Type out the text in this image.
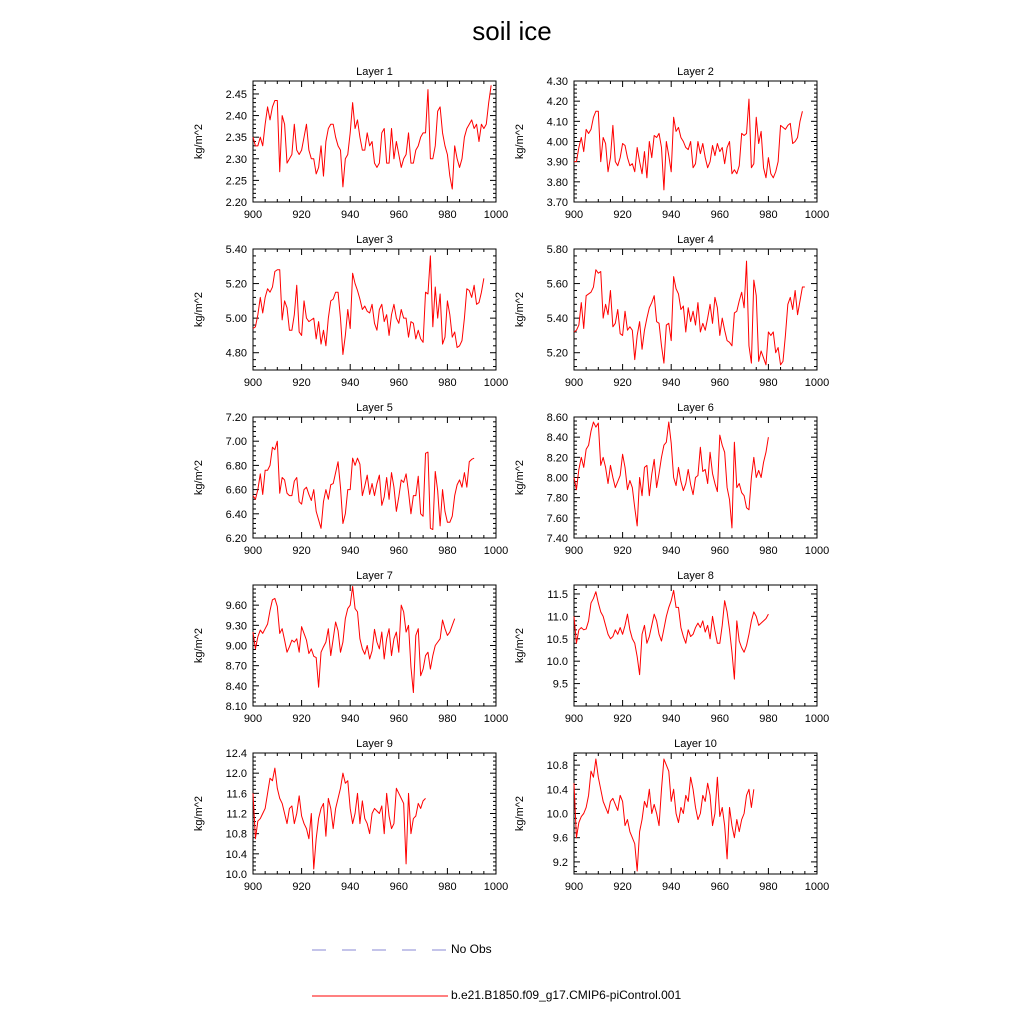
soil ice
Layer 1
900	920	940	960	980 1000
2.20
2.25
2.30
2.35
2.40
2.45
kg/m^2
Layer 2
900	920	940	960	980 1000
3.70
3.80
3.90
4.00
4.10
4.20
4.30
kg/m^2
Layer 3
900	920	940	960	980 1000
4.80
5.00
5.20
5.40
kg/m^2
Layer 4
900	920	940	960	980 1000
5.20
5.40
5.60
5.80
kg/m^2
Layer 5
900	920	940	960	980 1000
6.20
6.40
6.60
6.80
7.00
7.20
kg/m^2
Layer 6
900	920	940	960	980 1000
7.40
7.60
7.80
8.00
8.20
8.40
8.60
kg/m^2
Layer 7
900	920	940	960	980 1000
8.10
8.40
8.70
9.00
9.30
9.60
kg/m^2
Layer 8
900	920	940	960	980 1000
9.5
10.0
10.5
11.0
11.5
kg/m^2
Layer 9
900	920	940	960	980 1000
10.0
10.4
10.8
11.2
11.6
12.0
12.4
kg/m^2
Layer 10
900	920	940	960	980 1000
9.2
9.6
10.0
10.4
10.8
kg/m^2
No Obs
b.e21.B1850.f09_g17.CMIP6-piControl.001
